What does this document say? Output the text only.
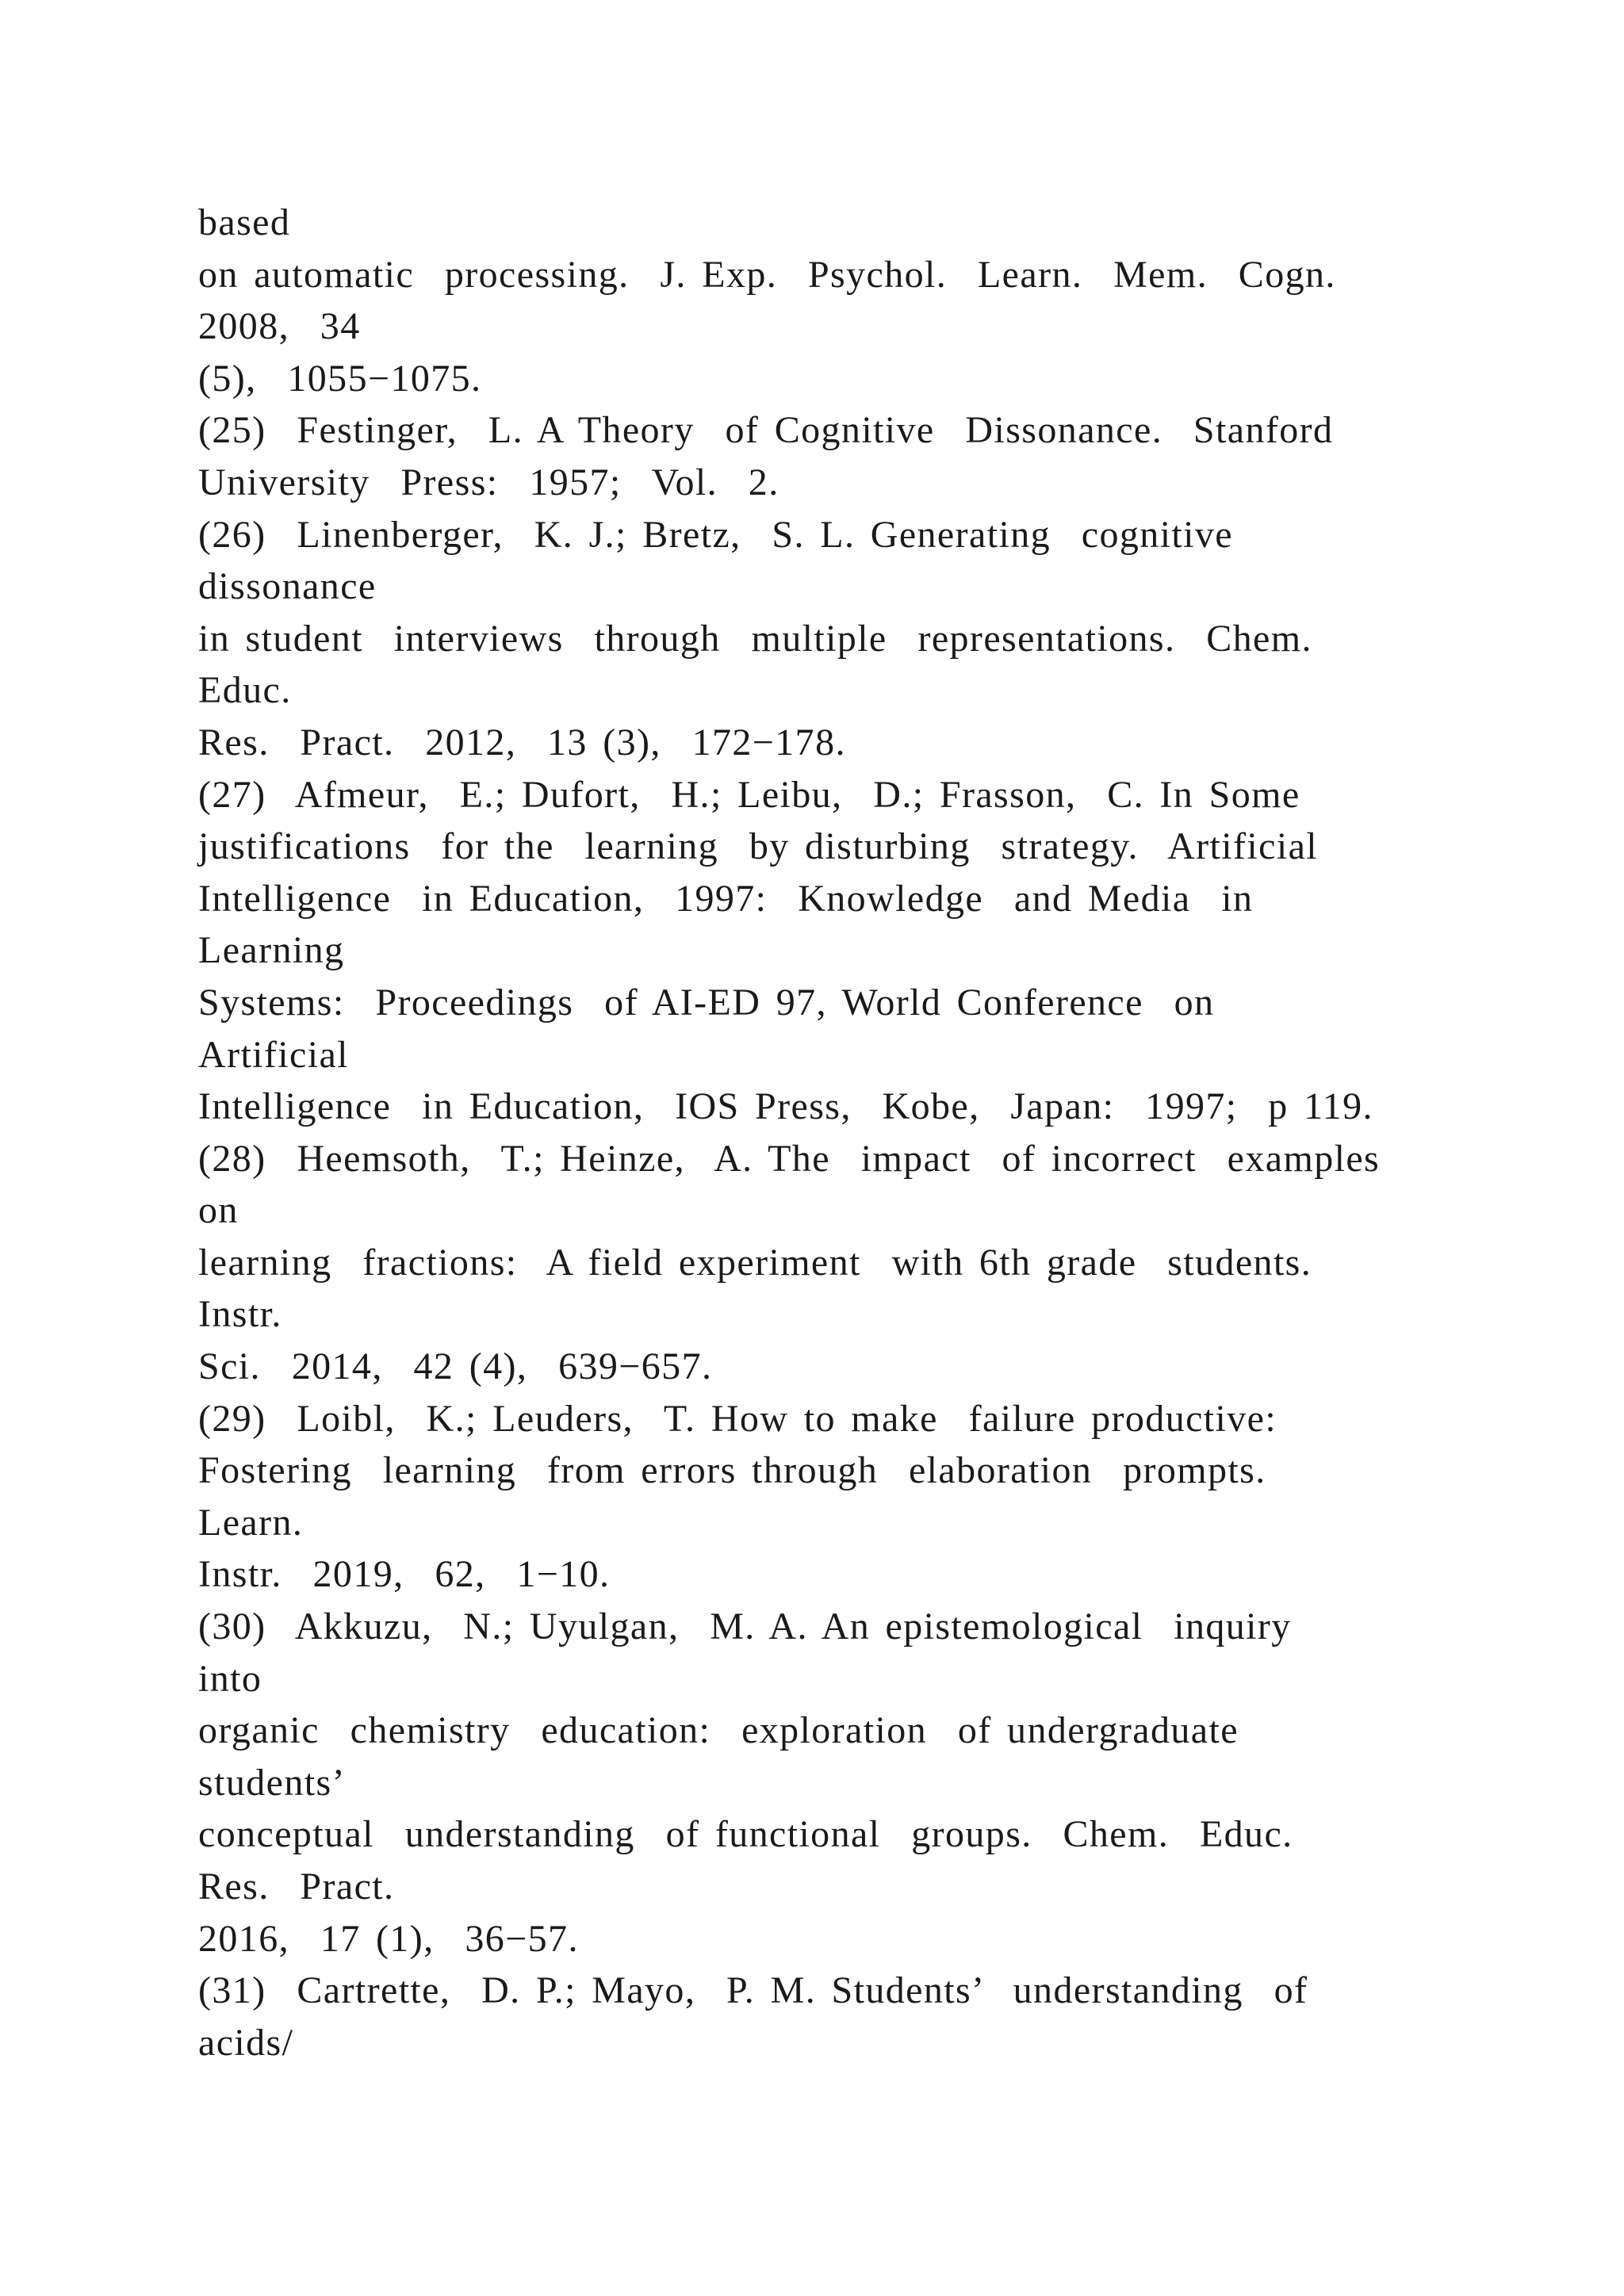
based
on automatic  processing.  J. Exp.  Psychol.  Learn.  Mem.  Cogn.
2008,  34
(5),  1055−1075.
(25)  Festinger,  L. A Theory  of Cognitive  Dissonance.  Stanford
University  Press:  1957;  Vol.  2.
(26)  Linenberger,  K. J.; Bretz,  S. L. Generating  cognitive
dissonance
in student  interviews  through  multiple  representations.  Chem.
Educ.
Res.  Pract.  2012,  13 (3),  172−178.
(27)  Afmeur,  E.; Dufort,  H.; Leibu,  D.; Frasson,  C. In Some
justifications  for the  learning  by disturbing  strategy.  Artificial
Intelligence  in Education,  1997:  Knowledge  and Media  in
Learning
Systems:  Proceedings  of AI-ED 97, World Conference  on
Artificial
Intelligence  in Education,  IOS Press,  Kobe,  Japan:  1997;  p 119.
(28)  Heemsoth,  T.; Heinze,  A. The  impact  of incorrect  examples
on
learning  fractions:  A field experiment  with 6th grade  students.
Instr.
Sci.  2014,  42 (4),  639−657.
(29)  Loibl,  K.; Leuders,  T. How to make  failure productive:
Fostering  learning  from errors through  elaboration  prompts.
Learn.
Instr.  2019,  62,  1−10.
(30)  Akkuzu,  N.; Uyulgan,  M. A. An epistemological  inquiry
into
organic  chemistry  education:  exploration  of undergraduate
students’
conceptual  understanding  of functional  groups.  Chem.  Educ.
Res.  Pract.
2016,  17 (1),  36−57.
(31)  Cartrette,  D. P.; Mayo,  P. M. Students’  understanding  of
acids/
